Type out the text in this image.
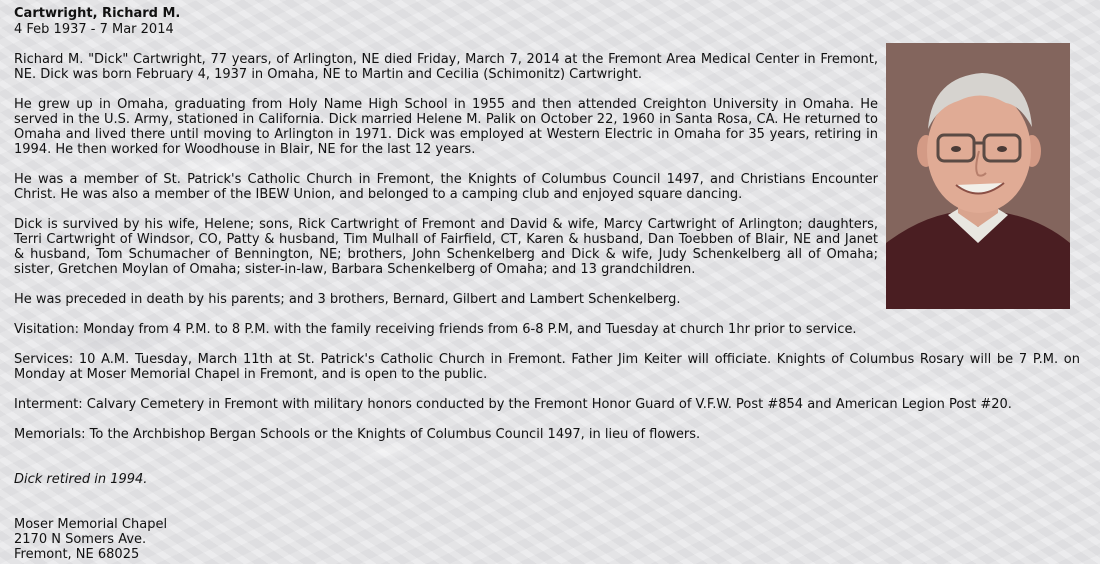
Cartwright, Richard M.
4 Feb 1937 - 7 Mar 2014

Richard M. "Dick" Cartwright, 77 years, of Arlington, NE died Friday, March 7, 2014 at the Fremont Area Medical Center in Fremont, NE. Dick was born February 4, 1937 in Omaha, NE to Martin and Cecilia (Schimonitz) Cartwright.

He grew up in Omaha, graduating from Holy Name High School in 1955 and then attended Creighton University in Omaha. He served in the U.S. Army, stationed in California. Dick married Helene M. Palik on October 22, 1960 in Santa Rosa, CA. He returned to Omaha and lived there until moving to Arlington in 1971. Dick was employed at Western Electric in Omaha for 35 years, retiring in 1994. He then worked for Woodhouse in Blair, NE for the last 12 years.

He was a member of St. Patrick's Catholic Church in Fremont, the Knights of Columbus Council 1497, and Christians Encounter Christ. He was also a member of the IBEW Union, and belonged to a camping club and enjoyed square dancing.

Dick is survived by his wife, Helene; sons, Rick Cartwright of Fremont and David & wife, Marcy Cartwright of Arlington; daughters, Terri Cartwright of Windsor, CO, Patty & husband, Tim Mulhall of Fairfield, CT, Karen & husband, Dan Toebben of Blair, NE and Janet & husband, Tom Schumacher of Bennington, NE; brothers, John Schenkelberg and Dick & wife, Judy Schenkelberg all of Omaha; sister, Gretchen Moylan of Omaha; sister-in-law, Barbara Schenkelberg of Omaha; and 13 grandchildren.

He was preceded in death by his parents; and 3 brothers, Bernard, Gilbert and Lambert Schenkelberg.

Visitation: Monday from 4 P.M. to 8 P.M. with the family receiving friends from 6-8 P.M, and Tuesday at church 1hr prior to service.

Services: 10 A.M. Tuesday, March 11th at St. Patrick's Catholic Church in Fremont. Father Jim Keiter will officiate. Knights of Columbus Rosary will be 7 P.M. on Monday at Moser Memorial Chapel in Fremont, and is open to the public.

Interment: Calvary Cemetery in Fremont with military honors conducted by the Fremont Honor Guard of V.F.W. Post #854 and American Legion Post #20.

Memorials: To the Archbishop Bergan Schools or the Knights of Columbus Council 1497, in lieu of flowers.

Dick retired in 1994.
Moser Memorial Chapel
2170 N Somers Ave.
Fremont, NE 68025
